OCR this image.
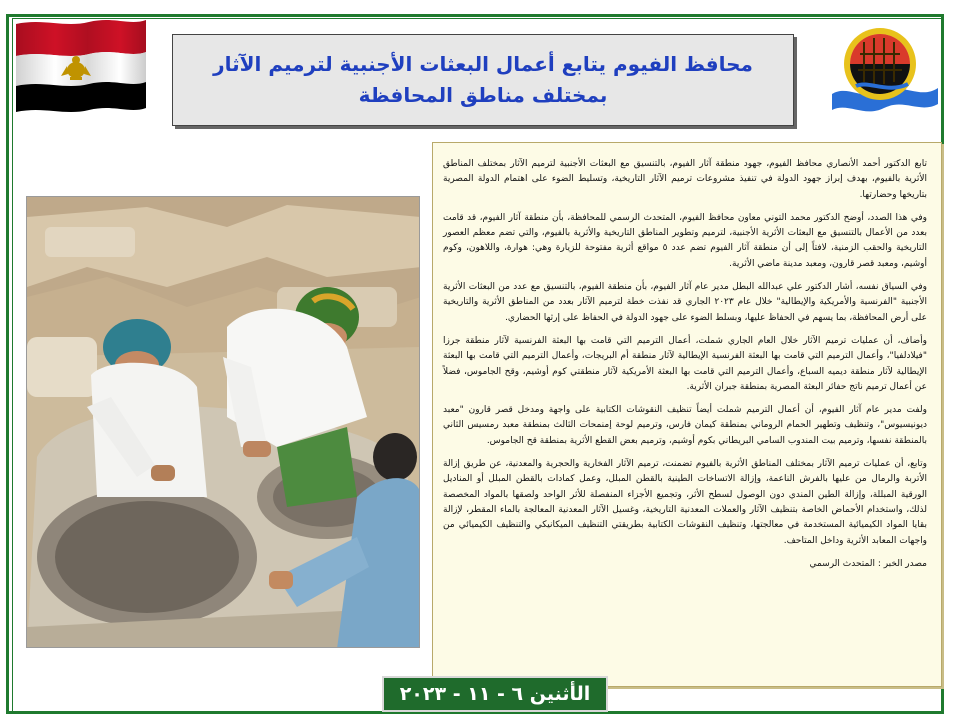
محافظ الفيوم يتابع أعمال البعثات الأجنبية لترميم الآثار بمختلف مناطق المحافظة

تابع الدكتور أحمد الأنصاري محافظ الفيوم، جهود منطقة آثار الفيوم، بالتنسيق مع البعثات الأجنبية لترميم الآثار بمختلف المناطق الأثرية بالفيوم، بهدف إبراز جهود الدولة في تنفيذ مشروعات ترميم الآثار التاريخية، وتسليط الضوء على اهتمام الدولة المصرية بتاريخها وحضارتها.

وفي هذا الصدد، أوضح الدكتور محمد التوني معاون محافظ الفيوم، المتحدث الرسمي للمحافظة، بأن منطقة آثار الفيوم، قد قامت بعدد من الأعمال بالتنسيق مع البعثات الأثرية الأجنبية، لترميم وتطوير المناطق التاريخية والأثرية بالفيوم، والتي تضم معظم العصور التاريخية والحقب الزمنية، لافتاً إلى أن منطقة آثار الفيوم تضم عدد ٥ مواقع أثرية مفتوحة للزيارة وهي: هوارة، واللاهون، وكوم أوشيم، ومعبد قصر قارون، ومعبد مدينة ماضي الأثرية.

وفي السياق نفسه، أشار الدكتور علي عبدالله البطل مدير عام آثار الفيوم، بأن منطقة الفيوم، بالتنسيق مع عدد من البعثات الأثرية الأجنبية "الفرنسية والأمريكية والإيطالية" خلال عام ٢٠٢٣ الجاري قد نفذت خطة لترميم الآثار بعدد من المناطق الأثرية والتاريخية على أرض المحافظة، بما يسهم في الحفاظ عليها، وبسلط الضوء على جهود الدولة في الحفاظ على إرثها الحضاري.

وأضاف، أن عمليات ترميم الآثار خلال العام الجاري شملت، أعمال الترميم التي قامت بها البعثة الفرنسية لآثار منطقة جرزا "فيلادلفيا"، وأعمال الترميم التي قامت بها البعثة الفرنسية الإيطالية لآثار منطقة أم البريجات، وأعمال الترميم التي قامت بها البعثة الإيطالية لآثار منطقة ديميه السباع، وأعمال الترميم التي قامت بها البعثة الأمريكية لآثار منطقتي كوم أوشيم، وقح الجاموس، فضلاً عن أعمال ترميم ناتج حفائر البعثة المصرية بمنطقة جبران الأثرية.

ولفت مدير عام آثار الفيوم، أن أعمال الترميم شملت أيضاً تنظيف النقوشات الكتابية على واجهة ومدخل قصر قارون "معبد ديونيسيوس"، وتنظيف وتطهير الحمام الروماني بمنطقة كيمان فارس، وترميم لوحة إمنمحات الثالث بمنطقة معبد رمسيس الثاني بالمنطقة نفسها، وترميم بيت المندوب السامي البريطاني بكوم أوشيم، وترميم بعض القطع الأثرية بمنطقة قح الجاموس.

وتابع، أن عمليات ترميم الآثار بمختلف المناطق الأثرية بالفيوم تضمنت، ترميم الآثار الفخارية والحجرية والمعدنية، عن طريق إزالة الأتربة والرمال من عليها بالفرش الناعمة، وإزالة الاتساخات الطينية بالقطن المبلل، وعمل كمادات بالقطن المبلل أو المناديل الورقية المبللة، وإزالة الطين المندي دون الوصول لسطح الأثر، وتجميع الأجزاء المنفصلة للأثر الواحد ولصقها بالمواد المخصصة لذلك، واستخدام الأحماض الخاصة بتنظيف الآثار والعملات المعدنية التاريخية، وغسيل الآثار المعدنية المعالجة بالماء المقطر، لإزالة بقايا المواد الكيميائية المستخدمة في معالجتها، وتنظيف النقوشات الكتابية بطريقتي التنظيف الميكانيكي والتنظيف الكيميائي من واجهات المعابد الأثرية وداخل المتاحف.

مصدر الخبر : المتحدث الرسمي

الأثنين ٦ - ١١ - ٢٠٢٣
